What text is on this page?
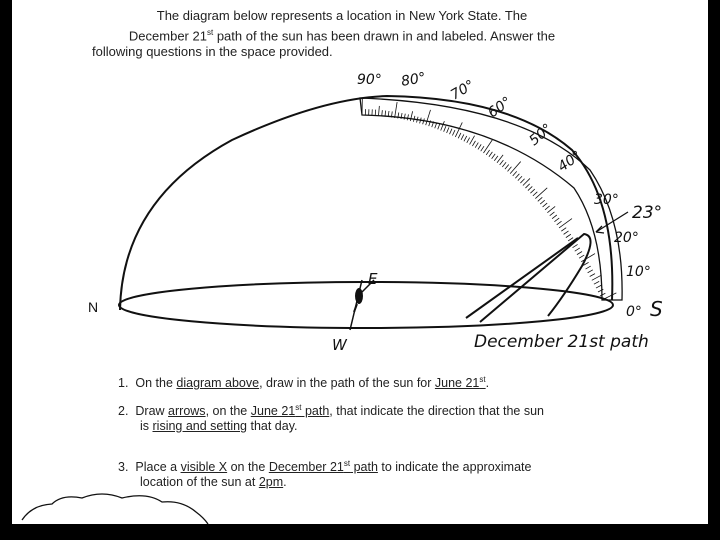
The diagram below represents a location in New York State. The

December 21st path of the sun has been drawn in and labeled. Answer the

following questions in the space provided.

90° 80° 70°
60°
50°
40°
30°
20°
10°
0°
23°
N	S
E
W	December 21st path
1. On the diagram above, draw in the path of the sun for June 21st.
2. Draw arrows, on the June 21st path, that indicate the direction that the sun
is rising and setting that day.
3. Place a visible X on the December 21st path to indicate the approximate
location of the sun at 2pm.
